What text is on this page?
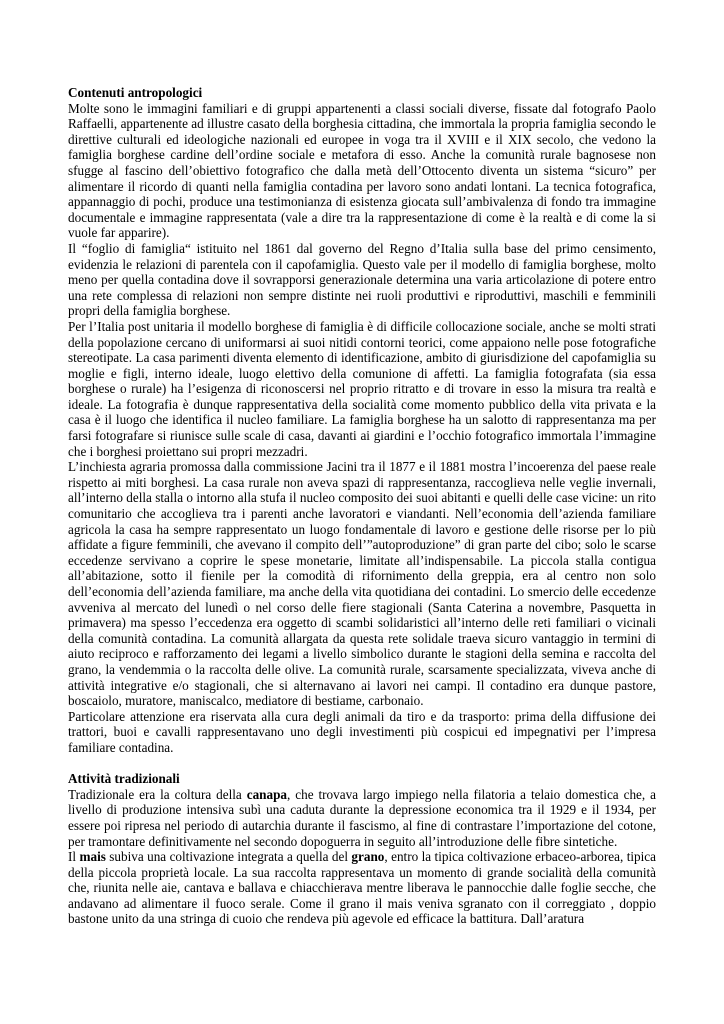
Contenuti antropologici

Molte sono le immagini familiari e di gruppi appartenenti a classi sociali diverse, fissate dal fotografo Paolo Raffaelli, appartenente ad illustre casato della borghesia cittadina, che immortala la propria famiglia secondo le direttive culturali ed ideologiche nazionali ed europee in voga tra il XVIII e il XIX secolo, che vedono la famiglia borghese cardine dell’ordine sociale e metafora di esso. Anche la comunità rurale bagnosese non sfugge al fascino dell’obiettivo fotografico che dalla metà dell’Ottocento diventa un sistema “sicuro” per alimentare il ricordo di quanti nella famiglia contadina per lavoro sono andati lontani. La tecnica fotografica, appannaggio di pochi, produce una testimonianza di esistenza giocata sull’ambivalenza di fondo tra immagine documentale e immagine rappresentata (vale a dire tra la rappresentazione di come è la realtà e di come la si vuole far apparire).

Il “foglio di famiglia“ istituito nel 1861 dal governo del Regno d’Italia sulla base del primo censimento, evidenzia le relazioni di parentela con il capofamiglia. Questo vale per il modello di famiglia borghese, molto meno per quella contadina dove il sovrapporsi generazionale determina una varia articolazione di potere entro una rete complessa di relazioni non sempre distinte nei ruoli produttivi e riproduttivi, maschili e femminili propri della famiglia borghese.

Per l’Italia post unitaria il modello borghese di famiglia è di difficile collocazione sociale, anche se molti strati della popolazione cercano di uniformarsi ai suoi nitidi contorni teorici, come appaiono nelle pose fotografiche stereotipate. La casa parimenti diventa elemento di identificazione, ambito di giurisdizione del capofamiglia su moglie e figli, interno ideale, luogo elettivo della comunione di affetti. La famiglia fotografata (sia essa borghese o rurale) ha l’esigenza di riconoscersi nel proprio ritratto e di trovare in esso la misura tra realtà e ideale. La fotografia è dunque rappresentativa della socialità come momento pubblico della vita privata e la casa è il luogo che identifica il nucleo familiare. La famiglia borghese ha un salotto di rappresentanza ma per farsi fotografare si riunisce sulle scale di casa, davanti ai giardini e l’occhio fotografico immortala l’immagine che i borghesi proiettano sui propri mezzadri.

L’inchiesta agraria promossa dalla commissione Jacini tra il 1877 e il 1881 mostra l’incoerenza del paese reale rispetto ai miti borghesi. La casa rurale non aveva spazi di rappresentanza, raccoglieva nelle veglie invernali, all’interno della stalla o intorno alla stufa il nucleo composito dei suoi abitanti e quelli delle case vicine: un rito comunitario che accoglieva tra i parenti anche lavoratori e viandanti. Nell’economia dell’azienda familiare agricola la casa ha sempre rappresentato un luogo fondamentale di lavoro e gestione delle risorse per lo più affidate a figure femminili, che avevano il compito dell’”autoproduzione” di gran parte del cibo; solo le scarse eccedenze servivano a coprire le spese monetarie, limitate all’indispensabile. La piccola stalla contigua all’abitazione, sotto il fienile per la comodità di rifornimento della greppia, era al centro non solo dell’economia dell’azienda familiare, ma anche della vita quotidiana dei contadini. Lo smercio delle eccedenze avveniva al mercato del lunedì o nel corso delle fiere stagionali (Santa Caterina a novembre, Pasquetta in primavera) ma spesso l’eccedenza era oggetto di scambi solidaristici all’interno delle reti familiari o vicinali della comunità contadina. La comunità allargata da questa rete solidale traeva sicuro vantaggio in termini di aiuto reciproco e rafforzamento dei legami a livello simbolico durante le stagioni della semina e raccolta del grano, la vendemmia o la raccolta delle olive. La comunità rurale, scarsamente specializzata, viveva anche di attività integrative e/o stagionali, che si alternavano ai lavori nei campi. Il contadino era dunque pastore, boscaiolo, muratore, maniscalco, mediatore di bestiame, carbonaio.

Particolare attenzione era riservata alla cura degli animali da tiro e da trasporto: prima della diffusione dei trattori, buoi e cavalli rappresentavano uno degli investimenti più cospicui ed impegnativi per l’impresa familiare contadina.

Attività tradizionali

Tradizionale era la coltura della canapa, che trovava largo impiego nella filatoria a telaio domestica che, a livello di produzione intensiva subì una caduta durante la depressione economica tra il 1929 e il 1934, per essere poi ripresa nel periodo di autarchia durante il fascismo, al fine di contrastare l’importazione del cotone, per tramontare definitivamente nel secondo dopoguerra in seguito all’introduzione delle fibre sintetiche.

Il mais subiva una coltivazione integrata a quella del grano, entro la tipica coltivazione erbaceo-arborea, tipica della piccola proprietà locale. La sua raccolta rappresentava un momento di grande socialità della comunità che, riunita nelle aie, cantava e ballava e chiacchierava mentre liberava le pannocchie dalle foglie secche, che andavano ad alimentare il fuoco serale. Come il grano il mais veniva sgranato con il correggiato , doppio bastone unito da una stringa di cuoio che rendeva più agevole ed efficace la battitura. Dall’aratura
